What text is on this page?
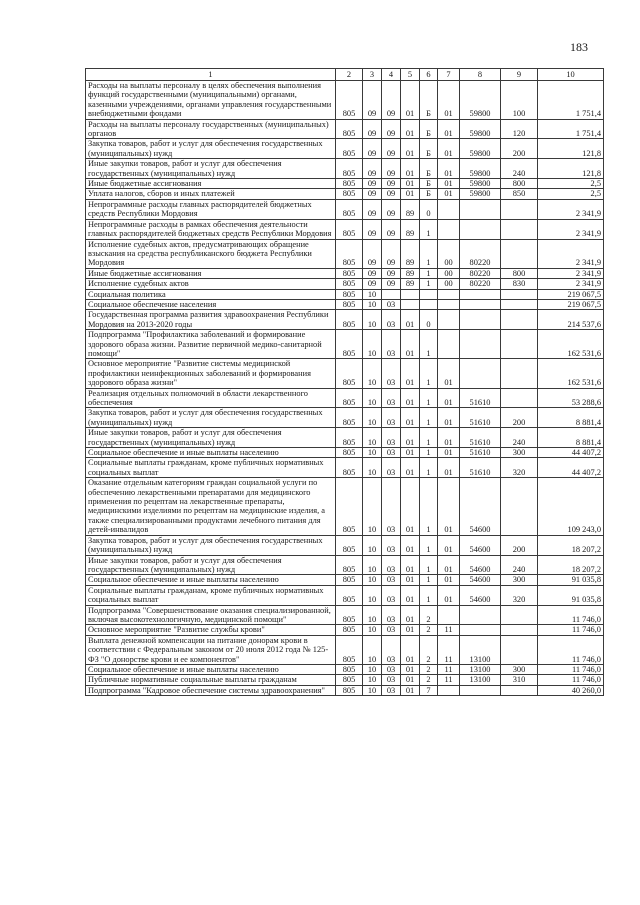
183
1	2	3	4	5	6	7	8	9	10
Расходы на выплаты персоналу в целях обеспечения выполнения функций государственными (муниципальными) органами, казенными учреждениями, органами управления государственными внебюджетными фондами	805	09	09	01	Б	01	59800	100	1 751,4
Расходы на выплаты персоналу государственных (муниципальных) органов	805	09	09	01	Б	01	59800	120	1 751,4
Закупка товаров, работ и услуг для обеспечения государственных (муниципальных) нужд	805	09	09	01	Б	01	59800	200	121,8
Иные закупки товаров, работ и услуг для обеспечения государственных (муниципальных) нужд	805	09	09	01	Б	01	59800	240	121,8
Иные бюджетные ассигнования	805	09	09	01	Б	01	59800	800	2,5
Уплата налогов, сборов и иных платежей	805	09	09	01	Б	01	59800	850	2,5
Непрограммные расходы главных распорядителей бюджетных средств Республики Мордовия	805	09	09	89	0				2 341,9
Непрограммные расходы в рамках обеспечения деятельности главных распорядителей бюджетных средств Республики Мордовия	805	09	09	89	1				2 341,9
Исполнение судебных актов, предусматривающих обращение взыскания на средства республиканского бюджета Республики Мордовия	805	09	09	89	1	00	80220		2 341,9
Иные бюджетные ассигнования	805	09	09	89	1	00	80220	800	2 341,9
Исполнение судебных актов	805	09	09	89	1	00	80220	830	2 341,9
Социальная политика	805	10							219 067,5
Социальное обеспечение населения	805	10	03						219 067,5
Государственная программа развития здравоохранения Республики Мордовия на 2013-2020 годы	805	10	03	01	0				214 537,6
Подпрограмма "Профилактика заболеваний и формирование здорового образа жизни. Развитие первичной медико-санитарной помощи"	805	10	03	01	1				162 531,6
Основное мероприятие "Развитие системы медицинской профилактики неинфекционных заболеваний и формирования здорового образа жизни"	805	10	03	01	1	01			162 531,6
Реализация отдельных полномочий в области лекарственного обеспечения	805	10	03	01	1	01	51610		53 288,6
Закупка товаров, работ и услуг для обеспечения государственных (муниципальных) нужд	805	10	03	01	1	01	51610	200	8 881,4
Иные закупки товаров, работ и услуг для обеспечения государственных (муниципальных) нужд	805	10	03	01	1	01	51610	240	8 881,4
Социальное обеспечение и иные выплаты населению	805	10	03	01	1	01	51610	300	44 407,2
Социальные выплаты гражданам, кроме публичных нормативных социальных выплат	805	10	03	01	1	01	51610	320	44 407,2
Оказание отдельным категориям граждан социальной услуги по обеспечению лекарственными препаратами для медицинского применения по рецептам на лекарственные препараты, медицинскими изделиями по рецептам на медицинские изделия, а также специализированными продуктами лечебного питания для детей-инвалидов	805	10	03	01	1	01	54600		109 243,0
Закупка товаров, работ и услуг для обеспечения государственных (муниципальных) нужд	805	10	03	01	1	01	54600	200	18 207,2
Иные закупки товаров, работ и услуг для обеспечения государственных (муниципальных) нужд	805	10	03	01	1	01	54600	240	18 207,2
Социальное обеспечение и иные выплаты населению	805	10	03	01	1	01	54600	300	91 035,8
Социальные выплаты гражданам, кроме публичных нормативных социальных выплат	805	10	03	01	1	01	54600	320	91 035,8
Подпрограмма "Совершенствование оказания специализированной, включая высокотехнологичную, медицинской помощи"	805	10	03	01	2				11 746,0
Основное мероприятие "Развитие службы крови"	805	10	03	01	2	11			11 746,0
Выплата денежной компенсации на питание донорам крови в соответствии с Федеральным законом от 20 июля 2012 года № 125-ФЗ "О донорстве крови и ее компонентов"	805	10	03	01	2	11	13100		11 746,0
Социальное обеспечение и иные выплаты населению	805	10	03	01	2	11	13100	300	11 746,0
Публичные нормативные социальные выплаты гражданам	805	10	03	01	2	11	13100	310	11 746,0
Подпрограмма "Кадровое обеспечение системы здравоохранения"	805	10	03	01	7				40 260,0
